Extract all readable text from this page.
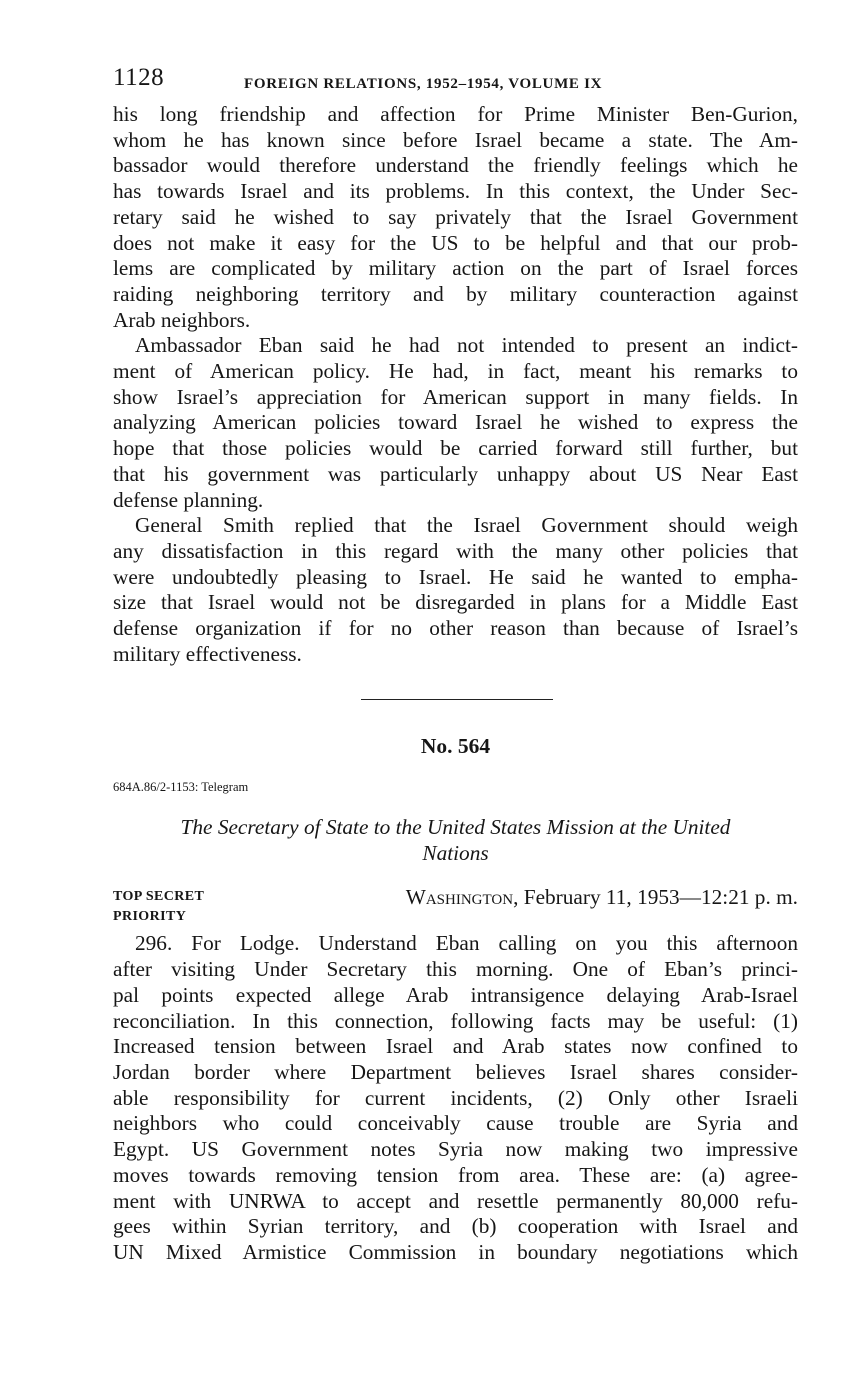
1128	FOREIGN RELATIONS, 1952–1954, VOLUME IX

his long friendship and affection for Prime Minister Ben-Gurion,
whom he has known since before Israel became a state. The Am-
bassador would therefore understand the friendly feelings which he
has towards Israel and its problems. In this context, the Under Sec-
retary said he wished to say privately that the Israel Government
does not make it easy for the US to be helpful and that our prob-
lems are complicated by military action on the part of Israel forces
raiding neighboring territory and by military counteraction against
Arab neighbors.

Ambassador Eban said he had not intended to present an indict-
ment of American policy. He had, in fact, meant his remarks to
show Israel’s appreciation for American support in many fields. In
analyzing American policies toward Israel he wished to express the
hope that those policies would be carried forward still further, but
that his government was particularly unhappy about US Near East
defense planning.

General Smith replied that the Israel Government should weigh
any dissatisfaction in this regard with the many other policies that
were undoubtedly pleasing to Israel. He said he wanted to empha-
size that Israel would not be disregarded in plans for a Middle East
defense organization if for no other reason than because of Israel’s
military effectiveness.

No. 564
684A.86/2-1153: Telegram
The Secretary of State to the United States Mission at the United
Nations
TOP SECRET
PRIORITY
Washington, February 11, 1953—12:21 p. m.

296. For Lodge. Understand Eban calling on you this afternoon
after visiting Under Secretary this morning. One of Eban’s princi-
pal points expected allege Arab intransigence delaying Arab-Israel
reconciliation. In this connection, following facts may be useful: (1)
Increased tension between Israel and Arab states now confined to
Jordan border where Department believes Israel shares consider-
able responsibility for current incidents, (2) Only other Israeli
neighbors who could conceivably cause trouble are Syria and
Egypt. US Government notes Syria now making two impressive
moves towards removing tension from area. These are: (a) agree-
ment with UNRWA to accept and resettle permanently 80,000 refu-
gees within Syrian territory, and (b) cooperation with Israel and
UN Mixed Armistice Commission in boundary negotiations which
